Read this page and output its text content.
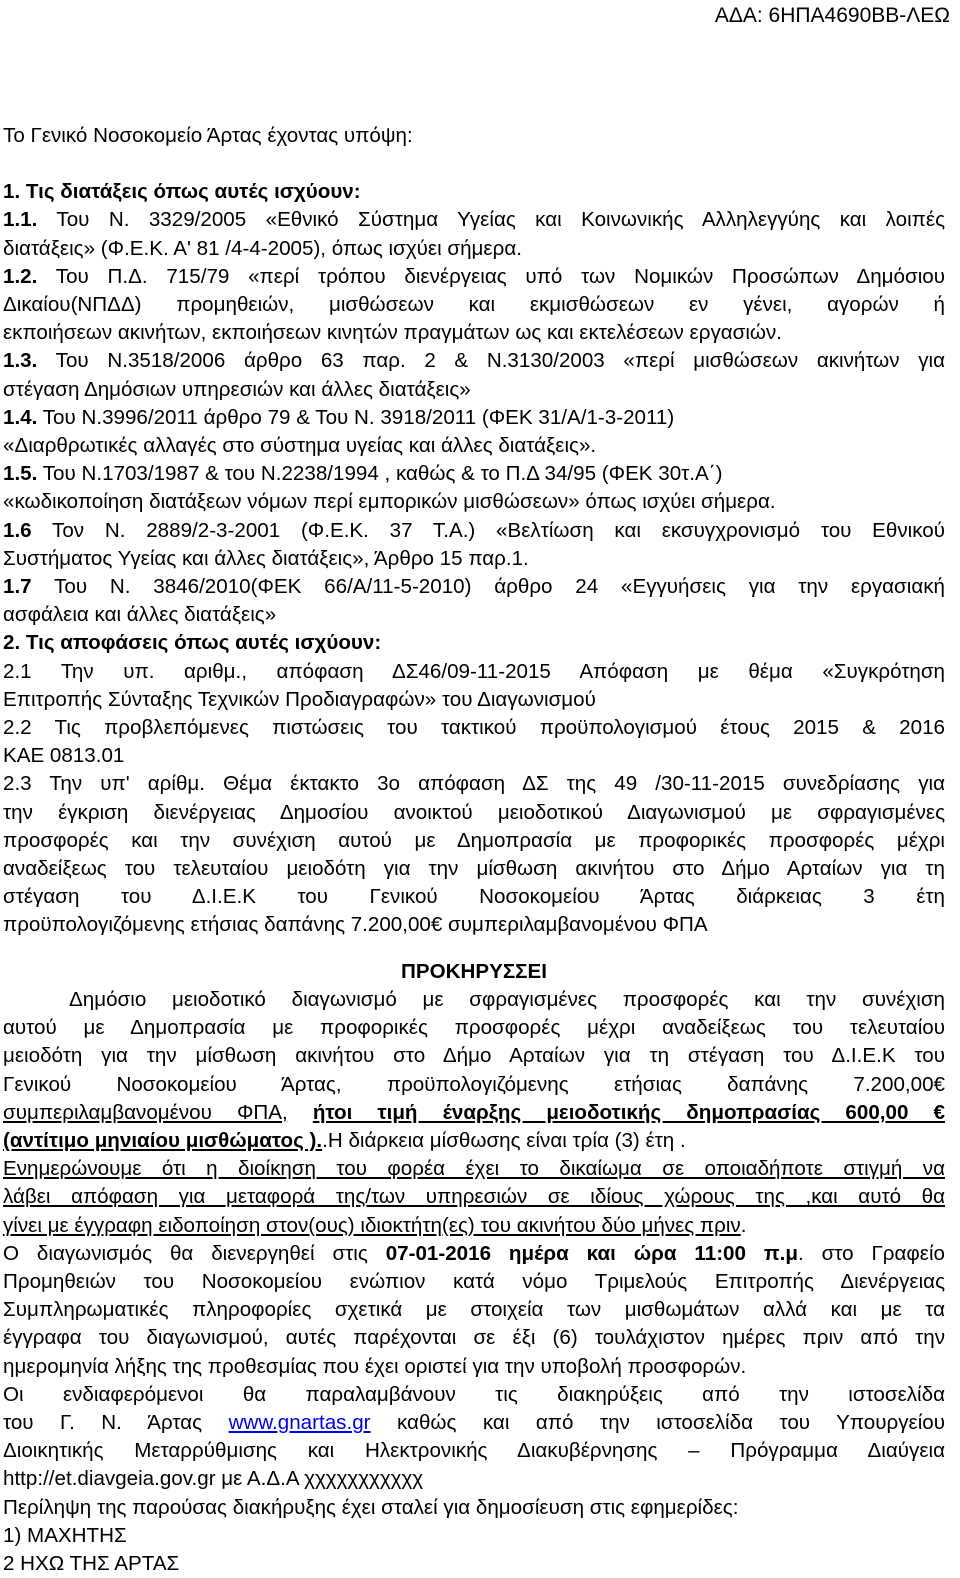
ΑΔΑ: 6ΗΠΑ4690ΒΒ-ΛΕΩ

Το Γενικό Νοσοκομείο Άρτας έχοντας υπόψη:

1. Τις διατάξεις όπως αυτές ισχύουν:

1.1. Του Ν. 3329/2005 «Εθνικό Σύστημα Υγείας και Κοινωνικής Αλληλεγγύης και λοιπές

διατάξεις» (Φ.Ε.Κ. Α' 81 /4-4-2005), όπως ισχύει σήμερα.

1.2. Του Π.Δ. 715/79 «περί τρόπου διενέργειας υπό των Νομικών Προσώπων Δημόσιου

Δικαίου(ΝΠΔΔ) προμηθειών, μισθώσεων και εκμισθώσεων εν γένει, αγορών ή

εκποιήσεων ακινήτων, εκποιήσεων κινητών πραγμάτων ως και εκτελέσεων εργασιών.

1.3. Του Ν.3518/2006 άρθρο 63 παρ. 2 & Ν.3130/2003 «περί μισθώσεων ακινήτων για

στέγαση Δημόσιων υπηρεσιών και άλλες διατάξεις»

1.4. Του Ν.3996/2011 άρθρο 79 & Του Ν. 3918/2011 (ΦΕΚ 31/Α/1-3-2011)

«Διαρθρωτικές αλλαγές στο σύστημα υγείας και άλλες διατάξεις».

1.5. Του Ν.1703/1987 & του Ν.2238/1994 , καθώς & το Π.Δ 34/95 (ΦΕΚ 30τ.Α΄)

«κωδικοποίηση διατάξεων νόμων περί εμπορικών μισθώσεων» όπως ισχύει σήμερα.

1.6 Τον Ν. 2889/2-3-2001 (Φ.Ε.Κ. 37 Τ.Α.) «Βελτίωση και εκσυγχρονισμό του Εθνικού

Συστήματος Υγείας και άλλες διατάξεις», Άρθρο 15 παρ.1.

1.7 Του Ν. 3846/2010(ΦΕΚ 66/Α/11-5-2010) άρθρο 24 «Εγγυήσεις για την εργασιακή

ασφάλεια και άλλες διατάξεις»

2. Τις αποφάσεις όπως αυτές ισχύουν:

2.1 Την υπ. αριθμ., απόφαση ΔΣ46/09-11-2015 Απόφαση με θέμα «Συγκρότηση

Επιτροπής Σύνταξης Τεχνικών Προδιαγραφών» του Διαγωνισμού

2.2 Τις προβλεπόμενες πιστώσεις του τακτικού προϋπολογισμού έτους 2015 & 2016

ΚΑΕ 0813.01

2.3 Την υπ' αρίθμ. Θέμα έκτακτο 3ο απόφαση ΔΣ της 49 /30-11-2015 συνεδρίασης για

την έγκριση διενέργειας Δημοσίου ανοικτού μειοδοτικού Διαγωνισμού με σφραγισμένες

προσφορές και την συνέχιση αυτού με Δημοπρασία με προφορικές προσφορές μέχρι

αναδείξεως του τελευταίου μειοδότη για την μίσθωση ακινήτου στο Δήμο Αρταίων για τη

στέγαση του Δ.Ι.Ε.Κ του Γενικού Νοσοκομείου Άρτας διάρκειας 3 έτη

προϋπολογιζόμενης ετήσιας δαπάνης 7.200,00€ συμπεριλαμβανομένου ΦΠΑ

ΠΡΟΚΗΡΥΣΣΕΙ

Δημόσιο μειοδοτικό διαγωνισμό με σφραγισμένες προσφορές και την συνέχιση

αυτού με Δημοπρασία με προφορικές προσφορές μέχρι αναδείξεως του τελευταίου

μειοδότη για την μίσθωση ακινήτου στο Δήμο Αρταίων για τη στέγαση του Δ.Ι.Ε.Κ του

Γενικού Νοσοκομείου Άρτας, προϋπολογιζόμενης ετήσιας δαπάνης 7.200,00€

συμπεριλαμβανομένου ΦΠΑ, ήτοι τιμή έναρξης μειοδοτικής δημοπρασίας 600,00 €

(αντίτιμο μηνιαίου μισθώματος )..Η διάρκεια μίσθωσης είναι τρία (3) έτη .

Ενημερώνουμε ότι η διοίκηση του φορέα έχει το δικαίωμα σε οποιαδήποτε στιγμή να

λάβει απόφαση για μεταφορά της/των υπηρεσιών σε ιδίους χώρους της ,και αυτό θα

γίνει με έγγραφη ειδοποίηση στον(ους) ιδιοκτήτη(ες) του ακινήτου δύο μήνες πριν.

Ο διαγωνισμός θα διενεργηθεί στις 07-01-2016 ημέρα και ώρα 11:00 π.μ. στο Γραφείο

Προμηθειών του Νοσοκομείου ενώπιον κατά νόμο Τριμελούς Επιτροπής Διενέργειας

Συμπληρωματικές πληροφορίες σχετικά με στοιχεία των μισθωμάτων αλλά και με τα

έγγραφα του διαγωνισμού, αυτές παρέχονται σε έξι (6) τουλάχιστον ημέρες πριν από την

ημερομηνία λήξης της προθεσμίας που έχει οριστεί για την υποβολή προσφορών.

Οι ενδιαφερόμενοι θα παραλαμβάνουν τις διακηρύξεις από την ιστοσελίδα

του Γ. Ν. Άρτας www.gnartas.gr καθώς και από την ιστοσελίδα του Υπουργείου

Διοικητικής Μεταρρύθμισης και Ηλεκτρονικής Διακυβέρνησης – Πρόγραμμα Διαύγεια

http://et.diavgeia.gov.gr με Α.Δ.Α χχχχχχχχχχχ

Περίληψη της παρούσας διακήρυξης έχει σταλεί για δημοσίευση στις εφημερίδες:

1) ΜΑΧΗΤΗΣ

2 ΗΧΩ ΤΗΣ ΑΡΤΑΣ
